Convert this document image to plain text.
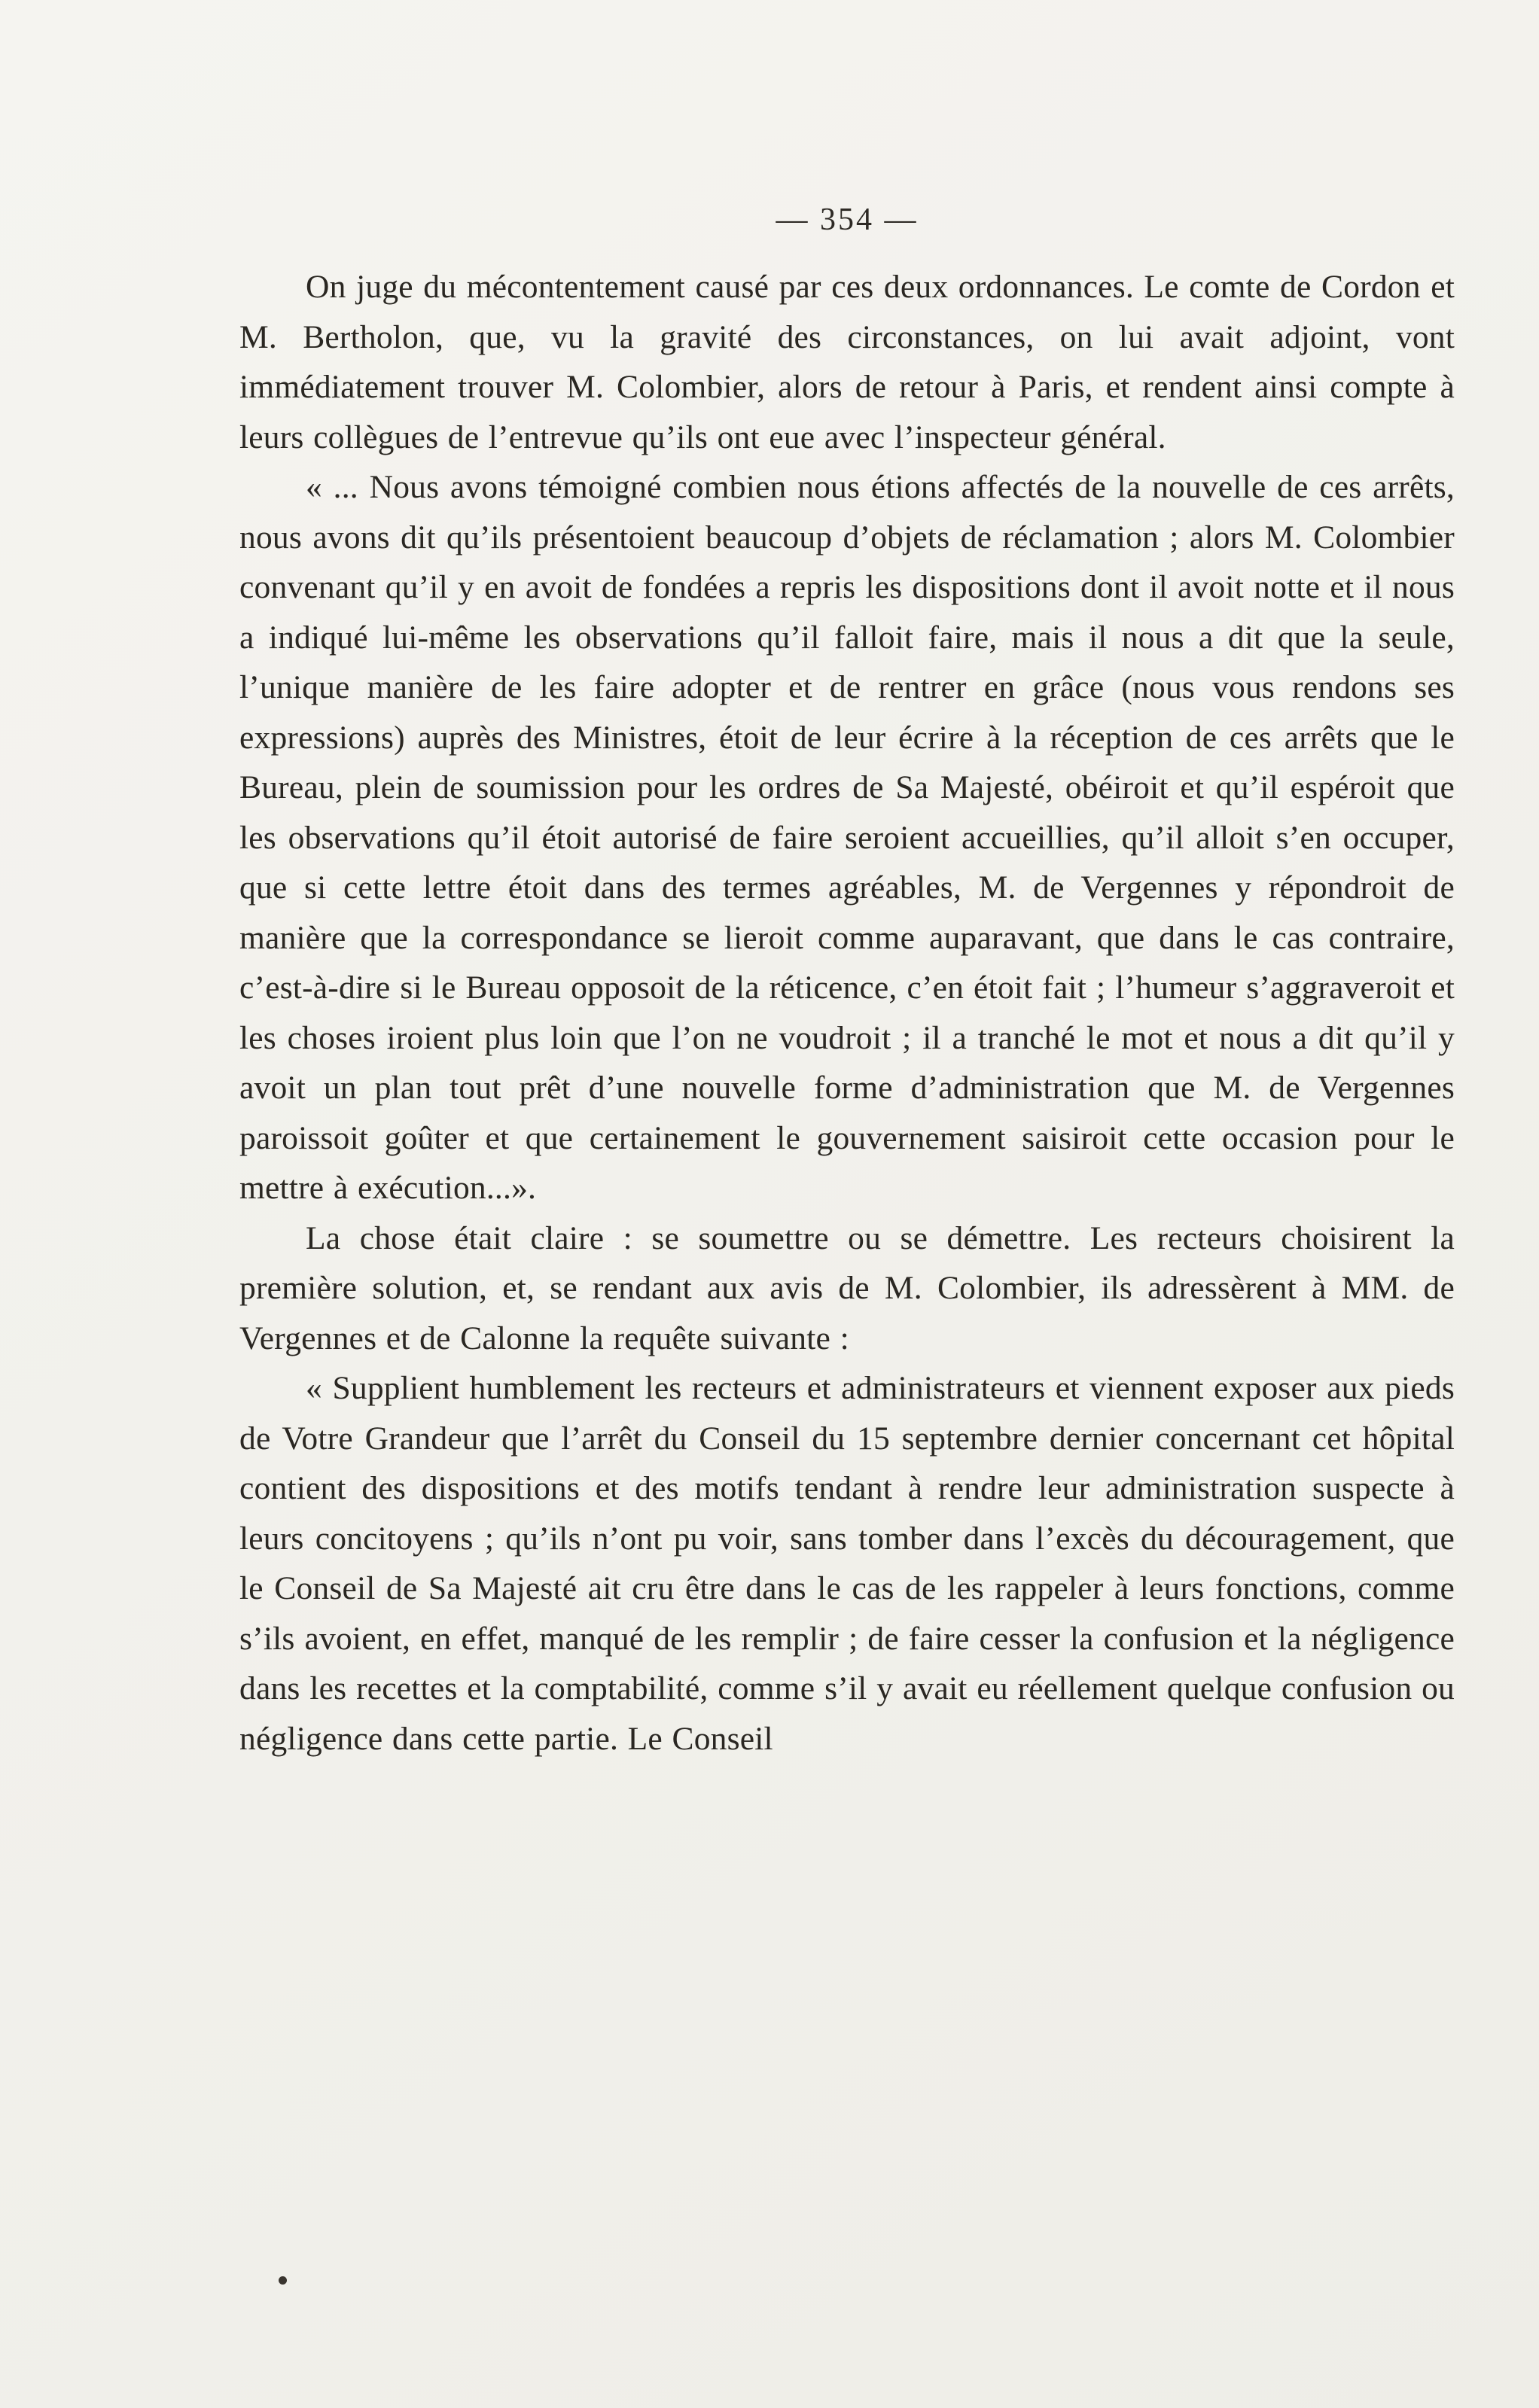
— 354 —

On juge du mécontentement causé par ces deux ordonnances. Le comte de Cordon et M. Bertholon, que, vu la gravité des circonstances, on lui avait adjoint, vont immédiatement trouver M. Colombier, alors de retour à Paris, et rendent ainsi compte à leurs collègues de l’entrevue qu’ils ont eue avec l’inspecteur général.

« ... Nous avons témoigné combien nous étions affectés de la nouvelle de ces arrêts, nous avons dit qu’ils présentoient beaucoup d’objets de réclamation ; alors M. Colombier convenant qu’il y en avoit de fondées a repris les dispositions dont il avoit notte et il nous a indiqué lui-même les observations qu’il falloit faire, mais il nous a dit que la seule, l’unique manière de les faire adopter et de rentrer en grâce (nous vous rendons ses expressions) auprès des Ministres, étoit de leur écrire à la réception de ces arrêts que le Bureau, plein de soumission pour les ordres de Sa Majesté, obéiroit et qu’il espéroit que les observations qu’il étoit autorisé de faire seroient accueillies, qu’il alloit s’en occuper, que si cette lettre étoit dans des termes agréables, M. de Vergennes y répondroit de manière que la correspondance se lieroit comme auparavant, que dans le cas contraire, c’est-à-dire si le Bureau opposoit de la réticence, c’en étoit fait ; l’humeur s’aggraveroit et les choses iroient plus loin que l’on ne voudroit ; il a tranché le mot et nous a dit qu’il y avoit un plan tout prêt d’une nouvelle forme d’administration que M. de Vergennes paroissoit goûter et que certainement le gouvernement saisiroit cette occasion pour le mettre à exécution...».

La chose était claire : se soumettre ou se démettre. Les recteurs choisirent la première solution, et, se rendant aux avis de M. Colombier, ils adressèrent à MM. de Vergennes et de Calonne la requête suivante :

« Supplient humblement les recteurs et administrateurs et viennent exposer aux pieds de Votre Grandeur que l’arrêt du Conseil du 15 septembre dernier concernant cet hôpital contient des dispositions et des motifs tendant à rendre leur administration suspecte à leurs concitoyens ; qu’ils n’ont pu voir, sans tomber dans l’excès du découragement, que le Conseil de Sa Majesté ait cru être dans le cas de les rappeler à leurs fonctions, comme s’ils avoient, en effet, manqué de les remplir ; de faire cesser la confusion et la négligence dans les recettes et la comptabilité, comme s’il y avait eu réellement quelque confusion ou négligence dans cette partie. Le Conseil
